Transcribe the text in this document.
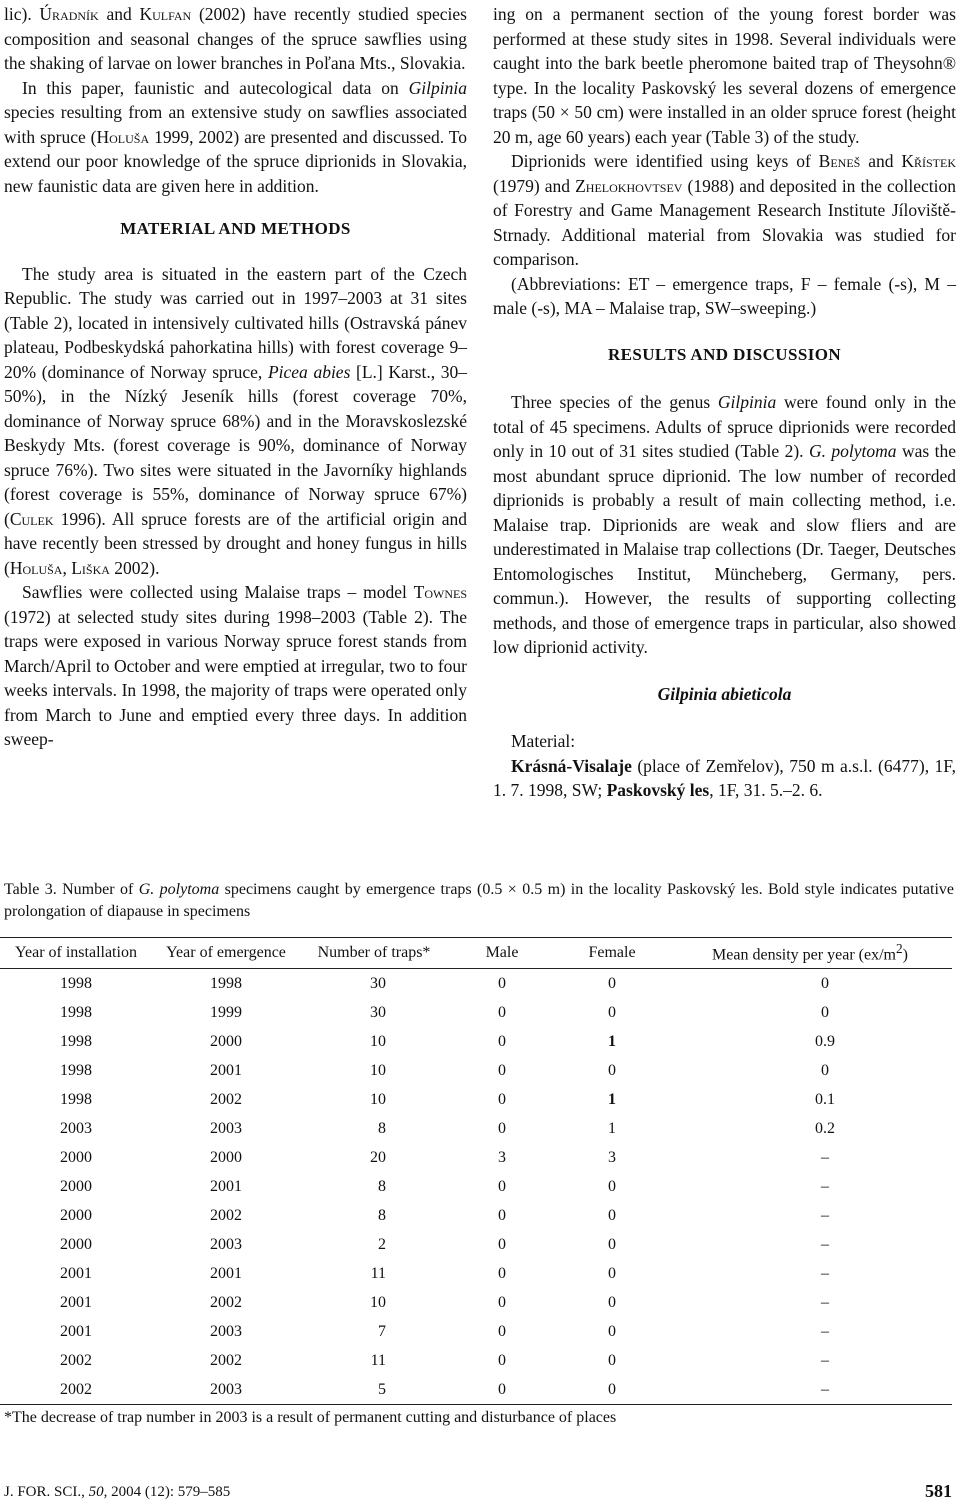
lic). Úradník and Kulfan (2002) have recently studied species composition and seasonal changes of the spruce sawflies using the shaking of larvae on lower branches in Poľana Mts., Slovakia.

In this paper, faunistic and autecological data on Gilpinia species resulting from an extensive study on sawflies associated with spruce (Holuša 1999, 2002) are presented and discussed. To extend our poor knowledge of the spruce diprionids in Slovakia, new faunistic data are given here in addition.

MATERIAL AND METHODS

The study area is situated in the eastern part of the Czech Republic. The study was carried out in 1997–2003 at 31 sites (Table 2), located in intensively cultivated hills (Ostravská pánev plateau, Podbeskydská pahorkatina hills) with forest coverage 9–20% (dominance of Norway spruce, Picea abies [L.] Karst., 30–50%), in the Nízký Jeseník hills (forest coverage 70%, dominance of Norway spruce 68%) and in the Moravskoslezské Beskydy Mts. (forest coverage is 90%, dominance of Norway spruce 76%). Two sites were situated in the Javorníky highlands (forest coverage is 55%, dominance of Norway spruce 67%) (Culek 1996). All spruce forests are of the artificial origin and have recently been stressed by drought and honey fungus in hills (Holuša, Liška 2002).

Sawflies were collected using Malaise traps – model Townes (1972) at selected study sites during 1998–2003 (Table 2). The traps were exposed in various Norway spruce forest stands from March/April to October and were emptied at irregular, two to four weeks intervals. In 1998, the majority of traps were operated only from March to June and emptied every three days. In addition sweep-

ing on a permanent section of the young forest border was performed at these study sites in 1998. Several individuals were caught into the bark beetle pheromone baited trap of Theysohn® type. In the locality Paskovský les several dozens of emergence traps (50 × 50 cm) were installed in an older spruce forest (height 20 m, age 60 years) each year (Table 3) of the study.

Diprionids were identified using keys of Beneš and Křístek (1979) and Zhelokhovtsev (1988) and deposited in the collection of Forestry and Game Management Research Institute Jíloviště-Strnady. Additional material from Slovakia was studied for comparison.

(Abbreviations: ET – emergence traps, F – female (-s), M – male (-s), MA – Malaise trap, SW–sweeping.)

RESULTS AND DISCUSSION

Three species of the genus Gilpinia were found only in the total of 45 specimens. Adults of spruce diprionids were recorded only in 10 out of 31 sites studied (Table 2). G. polytoma was the most abundant spruce diprionid. The low number of recorded diprionids is probably a result of main collecting method, i.e. Malaise trap. Diprionids are weak and slow fliers and are underestimated in Malaise trap collections (Dr. Taeger, Deutsches Entomologisches Institut, Müncheberg, Germany, pers. commun.). However, the results of supporting collecting methods, and those of emergence traps in particular, also showed low diprionid activity.

Gilpinia abieticola

Material:

Krásná-Visalaje (place of Zemřelov), 750 m a.s.l. (6477), 1F, 1. 7. 1998, SW; Paskovský les, 1F, 31. 5.–2. 6.

Table 3. Number of G. polytoma specimens caught by emergence traps (0.5 × 0.5 m) in the locality Paskovský les. Bold style indicates putative prolongation of diapause in specimens
Year of installation	Year of emergence	Number of traps*	Male	Female	Mean density per year $(ex/m^2)$
1998	1998	30	0	0	0
1998	1999	30	0	0	0
1998	2000	10	0	1	0.9
1998	2001	10	0	0	0
1998	2002	10	0	1	0.1
2003	2003	8	0	1	0.2
2000	2000	20	3	3	–
2000	2001	8	0	0	–
2000	2002	8	0	0	–
2000	2003	2	0	0	–
2001	2001	11	0	0	–
2001	2002	10	0	0	–
2001	2003	7	0	0	–
2002	2002	11	0	0	–
2002	2003	5	0	0	–
*The decrease of trap number in 2003 is a result of permanent cutting and disturbance of places
J. FOR. SCI., 50, 2004 (12): 579–585	581
